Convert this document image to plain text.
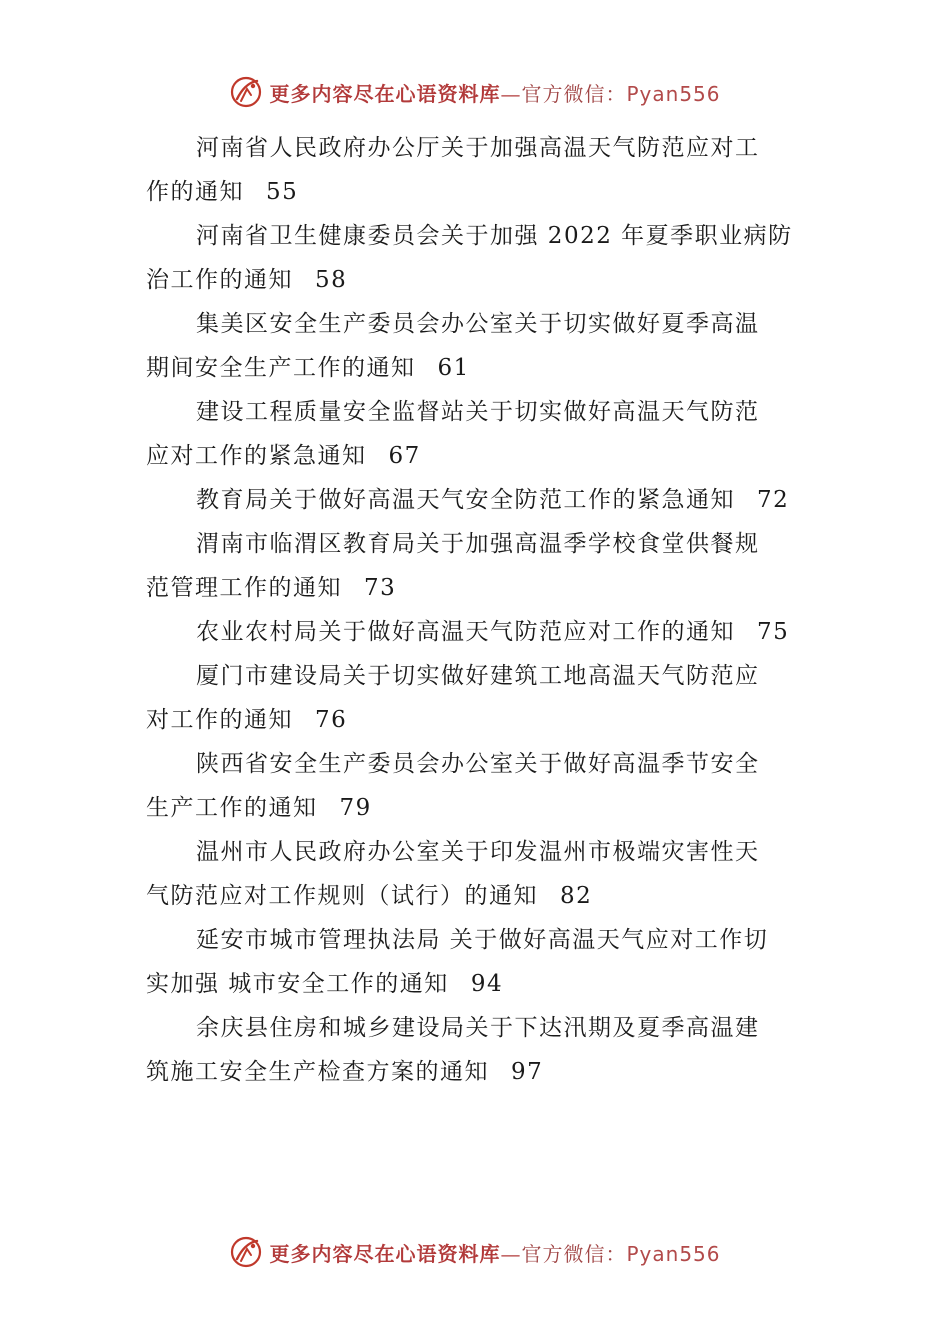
更多内容尽在心语资料库—官方微信：Pyan556

河南省人民政府办公厅关于加强高温天气防范应对工
作的通知 55

河南省卫生健康委员会关于加强 2022 年夏季职业病防
治工作的通知 58

集美区安全生产委员会办公室关于切实做好夏季高温
期间安全生产工作的通知 61

建设工程质量安全监督站关于切实做好高温天气防范
应对工作的紧急通知 67

教育局关于做好高温天气安全防范工作的紧急通知 72

渭南市临渭区教育局关于加强高温季学校食堂供餐规
范管理工作的通知 73

农业农村局关于做好高温天气防范应对工作的通知 75

厦门市建设局关于切实做好建筑工地高温天气防范应
对工作的通知 76

陕西省安全生产委员会办公室关于做好高温季节安全
生产工作的通知 79

温州市人民政府办公室关于印发温州市极端灾害性天
气防范应对工作规则（试行）的通知 82

延安市城市管理执法局 关于做好高温天气应对工作切
实加强 城市安全工作的通知 94

余庆县住房和城乡建设局关于下达汛期及夏季高温建
筑施工安全生产检查方案的通知 97

更多内容尽在心语资料库—官方微信：Pyan556
